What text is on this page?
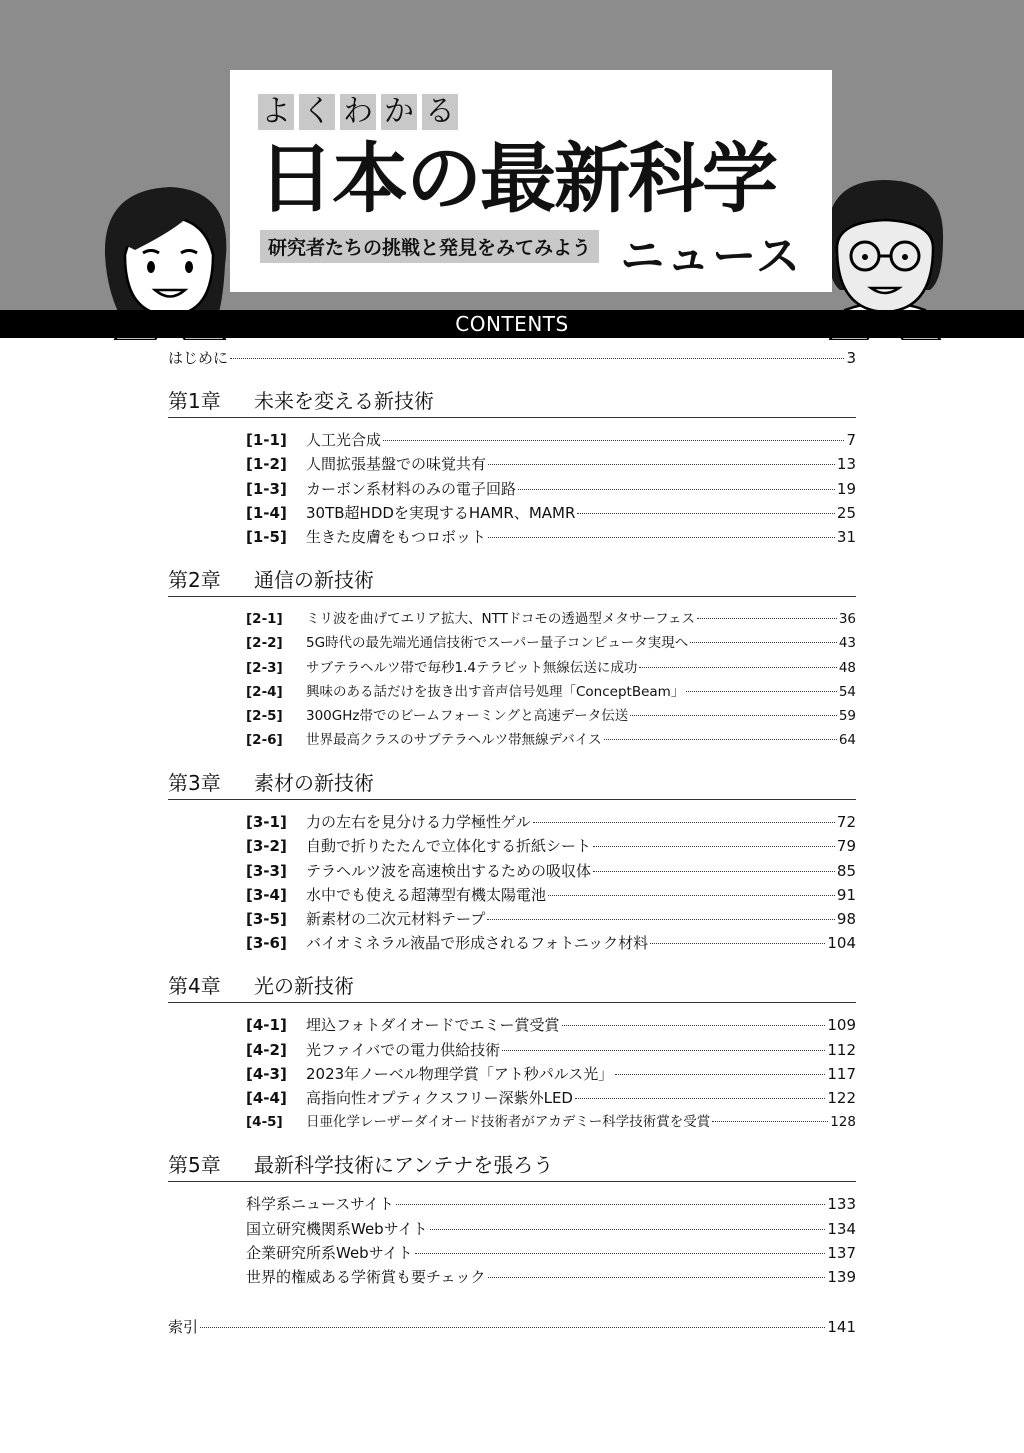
よ く わ か る
日本の最新科学
研究者たちの挑戦と発見をみてみよう ニュース
CONTENTS
はじめに	3
第1章 未来を変える新技術
[1-1]	人工光合成	7
[1-2]	人間拡張基盤での味覚共有	13
[1-3]	カーボン系材料のみの電子回路	19
[1-4]	30TB超HDDを実現するHAMR、MAMR	25
[1-5]	生きた皮膚をもつロボット	31
第2章 通信の新技術
[2-1]	ミリ波を曲げてエリア拡大、NTTドコモの透過型メタサーフェス	36
[2-2]	5G時代の最先端光通信技術でスーパー量子コンピュータ実現へ	43
[2-3]	サブテラヘルツ帯で毎秒1.4テラビット無線伝送に成功	48
[2-4]	興味のある話だけを抜き出す音声信号処理「ConceptBeam」	54
[2-5]	300GHz帯でのビームフォーミングと高速データ伝送	59
[2-6]	世界最高クラスのサブテラヘルツ帯無線デバイス	64
第3章 素材の新技術
[3-1]	力の左右を見分ける力学極性ゲル	72
[3-2]	自動で折りたたんで立体化する折紙シート	79
[3-3]	テラヘルツ波を高速検出するための吸収体	85
[3-4]	水中でも使える超薄型有機太陽電池	91
[3-5]	新素材の二次元材料テープ	98
[3-6]	バイオミネラル液晶で形成されるフォトニック材料	104
第4章 光の新技術
[4-1]	埋込フォトダイオードでエミー賞受賞	109
[4-2]	光ファイバでの電力供給技術	112
[4-3]	2023年ノーベル物理学賞「アト秒パルス光」	117
[4-4]	高指向性オプティクスフリー深紫外LED	122
[4-5]	日亜化学レーザーダイオード技術者がアカデミー科学技術賞を受賞	128
第5章 最新科学技術にアンテナを張ろう
科学系ニュースサイト	133
国立研究機関系Webサイト	134
企業研究所系Webサイト	137
世界的権威ある学術賞も要チェック	139
索引	141
